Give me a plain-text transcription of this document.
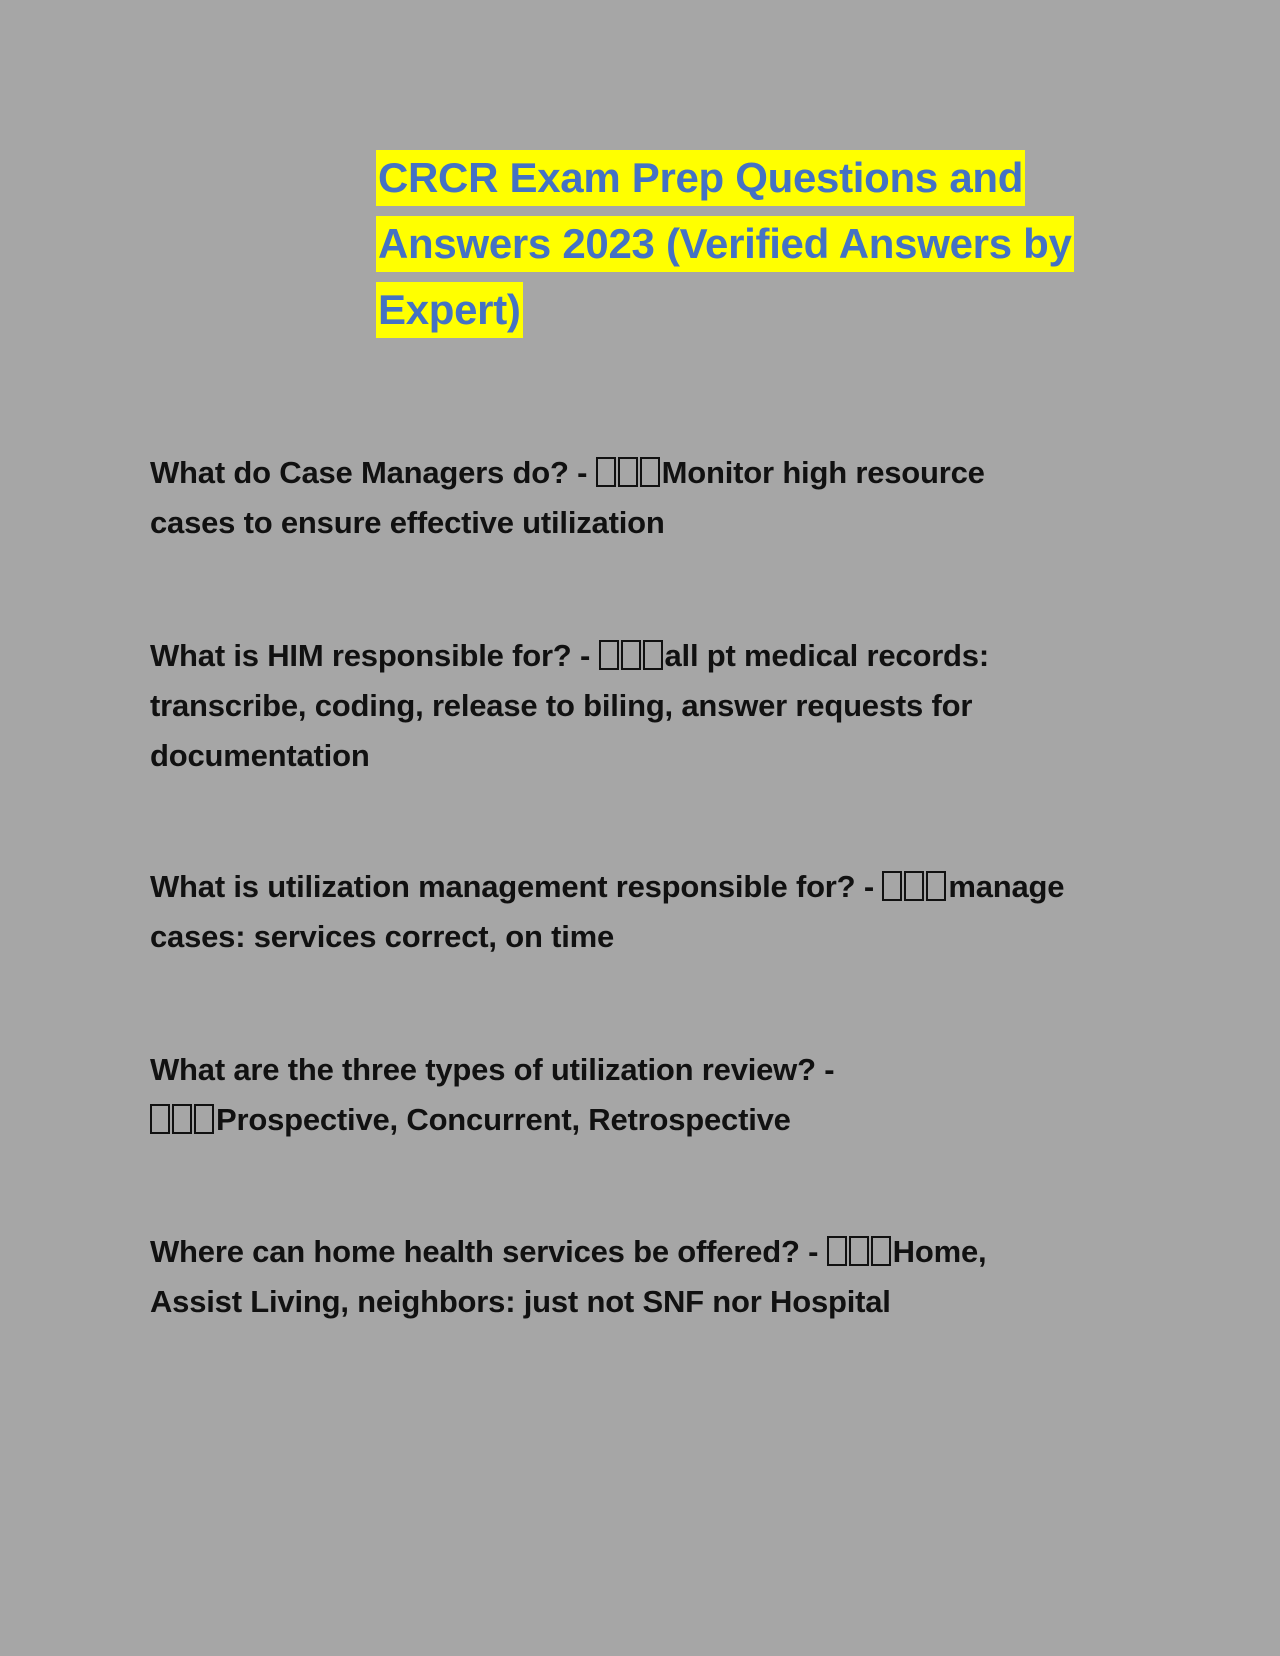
CRCR Exam Prep Questions and
Answers 2023 (Verified Answers by
Expert)

What do Case Managers do? - Monitor high resource
cases to ensure effective utilization

What is HIM responsible for? - all pt medical records:
transcribe, coding, release to biling, answer requests for
documentation

What is utilization management responsible for? - manage
cases: services correct, on time

What are the three types of utilization review? -
Prospective, Concurrent, Retrospective

Where can home health services be offered? - Home,
Assist Living, neighbors: just not SNF nor Hospital
